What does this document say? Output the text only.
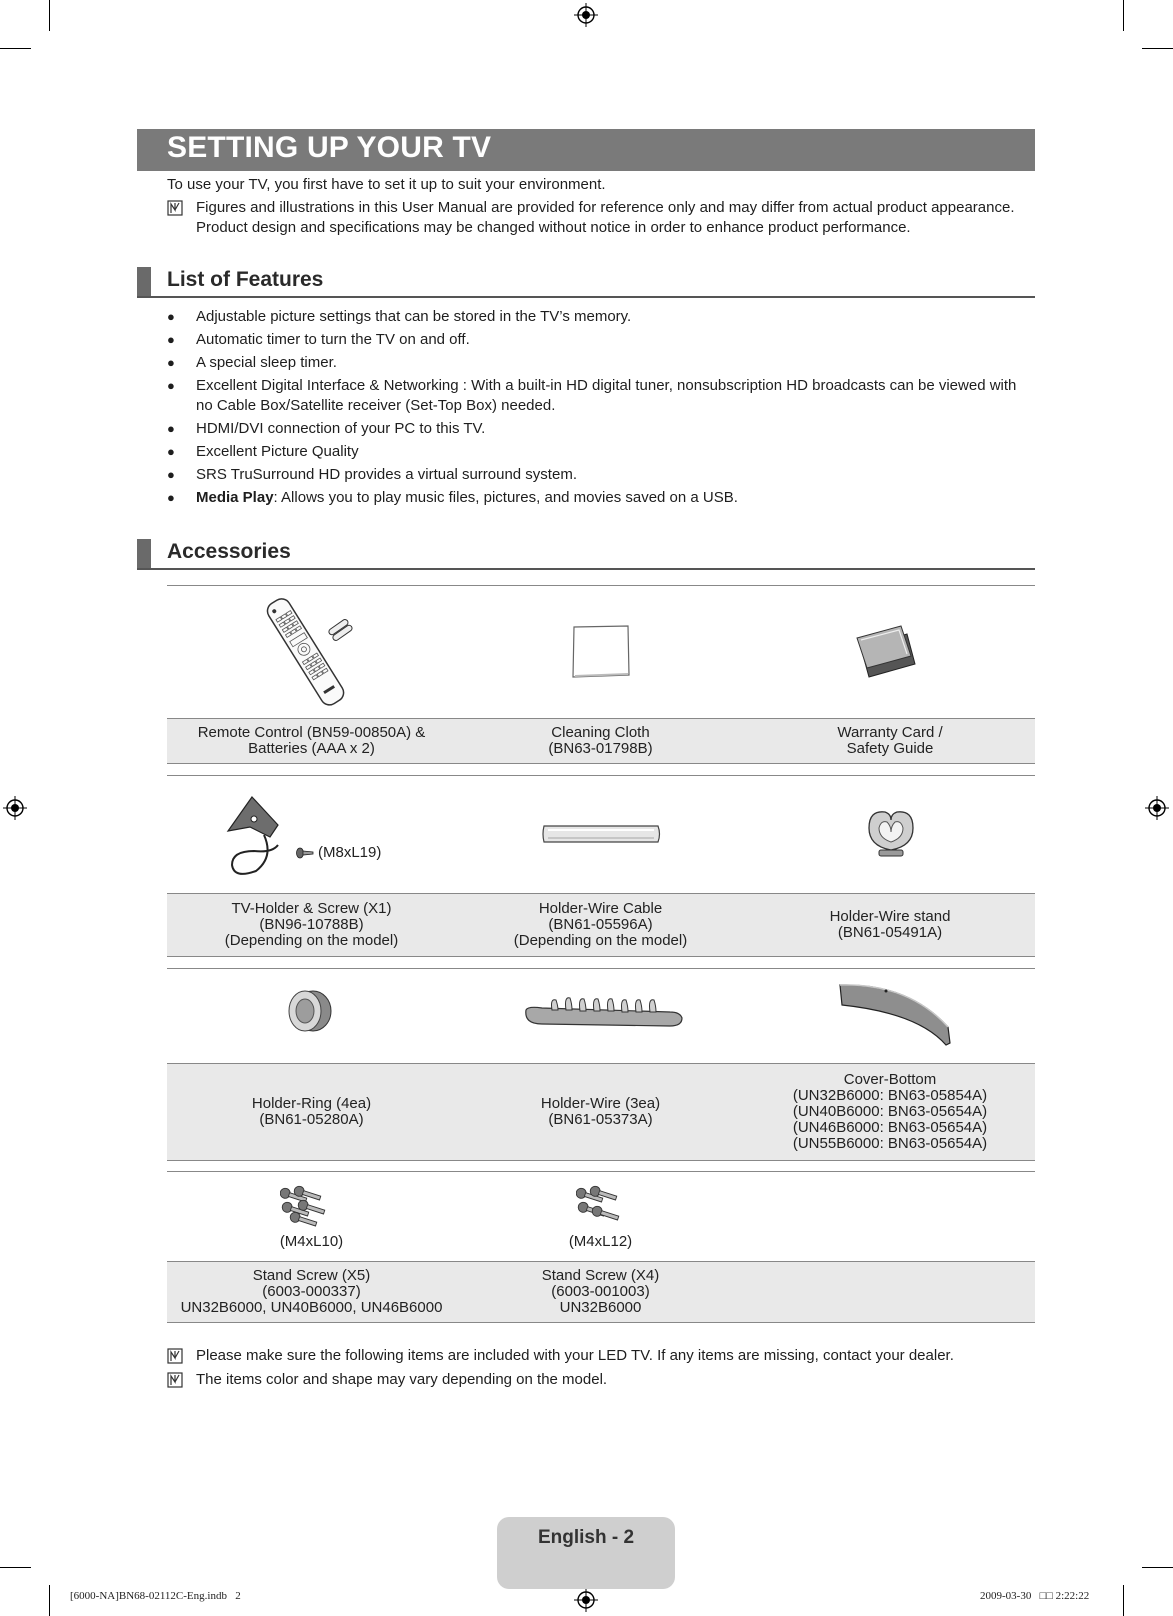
SETTING UP YOUR TV
To use your TV, you first have to set it up to suit your environment.
Figures and illustrations in this User Manual are provided for reference only and may differ from actual product appearance. Product design and specifications may be changed without notice in order to enhance product performance.
List of Features
● Adjustable picture settings that can be stored in the TV’s memory.
● Automatic timer to turn the TV on and off.
● A special sleep timer.
● Excellent Digital Interface & Networking : With a built-in HD digital tuner, nonsubscription HD broadcasts can be viewed with no Cable Box/Satellite receiver (Set-Top Box) needed.
● HDMI/DVI connection of your PC to this TV.
● Excellent Picture Quality
● SRS TruSurround HD provides a virtual surround system.
● Media Play: Allows you to play music files, pictures, and movies saved on a USB.
Accessories
Remote Control (BN59-00850A) &
Batteries (AAA x 2)
Cleaning Cloth
(BN63-01798B)
Warranty Card /
Safety Guide
(M8xL19)
TV-Holder & Screw (X1)
(BN96-10788B)
(Depending on the model)
Holder-Wire Cable
(BN61-05596A)
(Depending on the model)
Holder-Wire stand
(BN61-05491A)
Holder-Ring (4ea)
(BN61-05280A)
Holder-Wire (3ea)
(BN61-05373A)
Cover-Bottom
(UN32B6000: BN63-05854A)
(UN40B6000: BN63-05654A)
(UN46B6000: BN63-05654A)
(UN55B6000: BN63-05654A)
(M4xL10)	(M4xL12)
Stand Screw (X5)
(6003-000337)
UN32B6000, UN40B6000, UN46B6000
Stand Screw (X4)
(6003-001003)
UN32B6000
Please make sure the following items are included with your LED TV. If any items are missing, contact your dealer.
The items color and shape may vary depending on the model.
English - 2
[6000-NA]BN68-02112C-Eng.indb   2	2009-03-30   □□ 2:22:22
